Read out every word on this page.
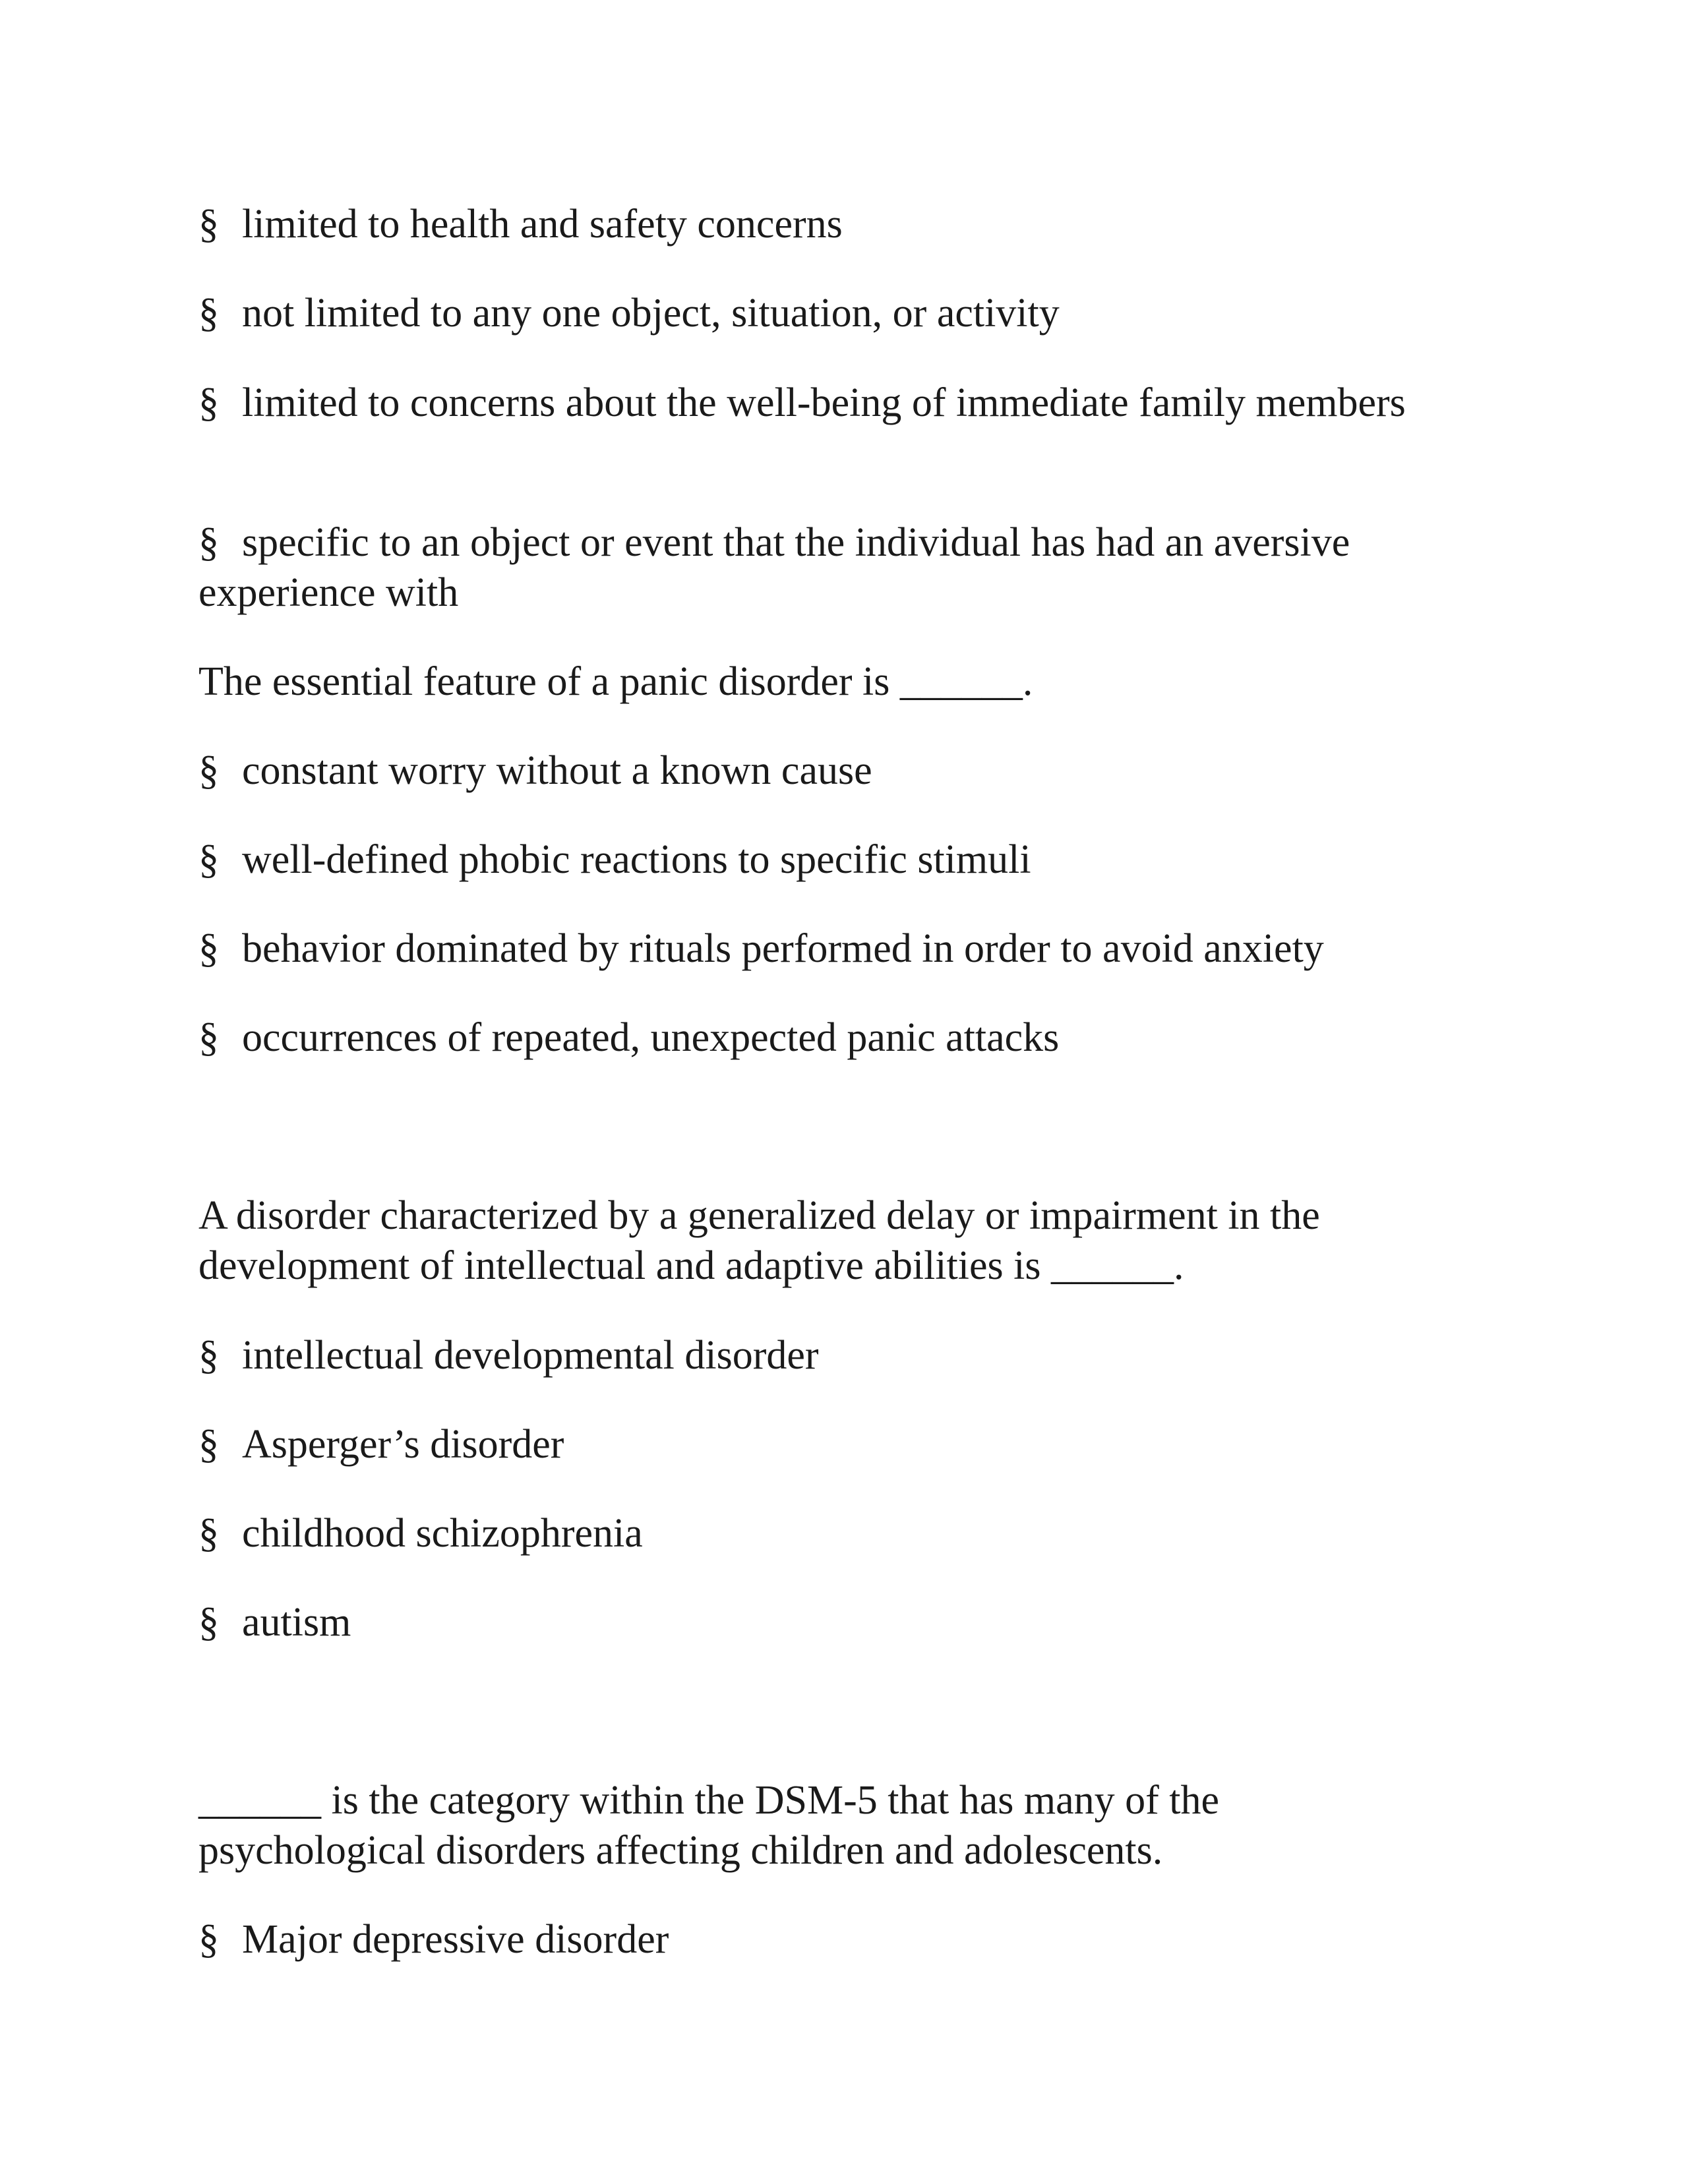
§ limited to health and safety concerns

§ not limited to any one object, situation, or activity

§ limited to concerns about the well-being of immediate family members

§ specific to an object or event that the individual has had an aversive experience with

The essential feature of a panic disorder is ______.

§ constant worry without a known cause

§ well-defined phobic reactions to specific stimuli

§ behavior dominated by rituals performed in order to avoid anxiety

§ occurrences of repeated, unexpected panic attacks

A disorder characterized by a generalized delay or impairment in the

development of intellectual and adaptive abilities is ______.

§ intellectual developmental disorder

§ Asperger’s disorder

§ childhood schizophrenia

§ autism

______ is the category within the DSM-5 that has many of the

psychological disorders affecting children and adolescents.

§ Major depressive disorder
